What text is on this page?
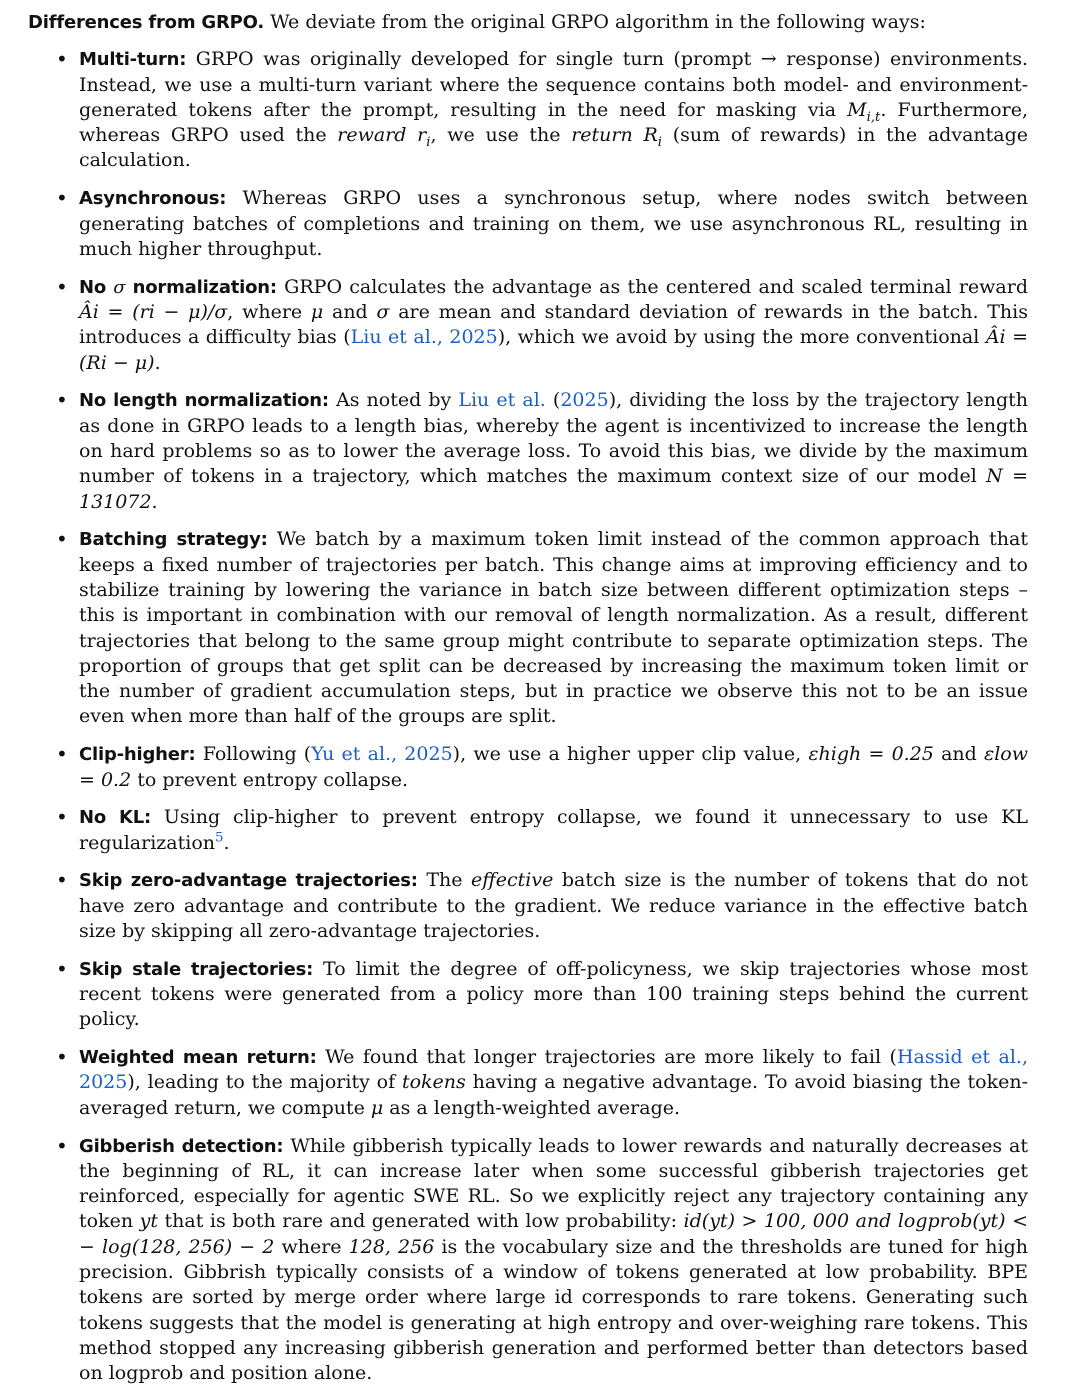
Differences from GRPO. We deviate from the original GRPO algorithm in the following ways:

• Multi-turn: GRPO was originally developed for single turn (prompt → response) environments. Instead, we use a multi-turn variant where the sequence contains both model- and environment-generated tokens after the prompt, resulting in the need for masking via $M_{i,t}$. Furthermore, whereas GRPO used the reward $r_i$, we use the return $R_i$ (sum of rewards) in the advantage calculation.
• Asynchronous: Whereas GRPO uses a synchronous setup, where nodes switch between generating batches of completions and training on them, we use asynchronous RL, resulting in much higher throughput.
• No σ normalization: GRPO calculates the advantage as the centered and scaled terminal reward Âi = (ri − μ)/σ, where μ and σ are mean and standard deviation of rewards in the batch. This introduces a difficulty bias (Liu et al., 2025), which we avoid by using the more conventional Âi = (Ri − μ).
• No length normalization: As noted by Liu et al. (2025), dividing the loss by the trajectory length as done in GRPO leads to a length bias, whereby the agent is incentivized to increase the length on hard problems so as to lower the average loss. To avoid this bias, we divide by the maximum number of tokens in a trajectory, which matches the maximum context size of our model N = 131072.
• Batching strategy: We batch by a maximum token limit instead of the common approach that keeps a fixed number of trajectories per batch. This change aims at improving efficiency and to stabilize training by lowering the variance in batch size between different optimization steps – this is important in combination with our removal of length normalization. As a result, different trajectories that belong to the same group might contribute to separate optimization steps. The proportion of groups that get split can be decreased by increasing the maximum token limit or the number of gradient accumulation steps, but in practice we observe this not to be an issue even when more than half of the groups are split.
• Clip-higher: Following (Yu et al., 2025), we use a higher upper clip value, εhigh = 0.25 and εlow = 0.2 to prevent entropy collapse.
• No KL: Using clip-higher to prevent entropy collapse, we found it unnecessary to use KL regularization$^5$.
• Skip zero-advantage trajectories: The effective batch size is the number of tokens that do not have zero advantage and contribute to the gradient. We reduce variance in the effective batch size by skipping all zero-advantage trajectories.
• Skip stale trajectories: To limit the degree of off-policyness, we skip trajectories whose most recent tokens were generated from a policy more than 100 training steps behind the current policy.
• Weighted mean return: We found that longer trajectories are more likely to fail (Hassid et al., 2025), leading to the majority of tokens having a negative advantage. To avoid biasing the token-averaged return, we compute μ as a length-weighted average.
• Gibberish detection: While gibberish typically leads to lower rewards and naturally decreases at the beginning of RL, it can increase later when some successful gibberish trajectories get reinforced, especially for agentic SWE RL. So we explicitly reject any trajectory containing any token yt that is both rare and generated with low probability: id(yt) > 100, 000 and logprob(yt) < − log(128, 256) − 2 where 128, 256 is the vocabulary size and the thresholds are tuned for high precision. Gibbrish typically consists of a window of tokens generated at low probability. BPE tokens are sorted by merge order where large id corresponds to rare tokens. Generating such tokens suggests that the model is generating at high entropy and over-weighing rare tokens. This method stopped any increasing gibberish generation and performed better than detectors based on logprob and position alone.
